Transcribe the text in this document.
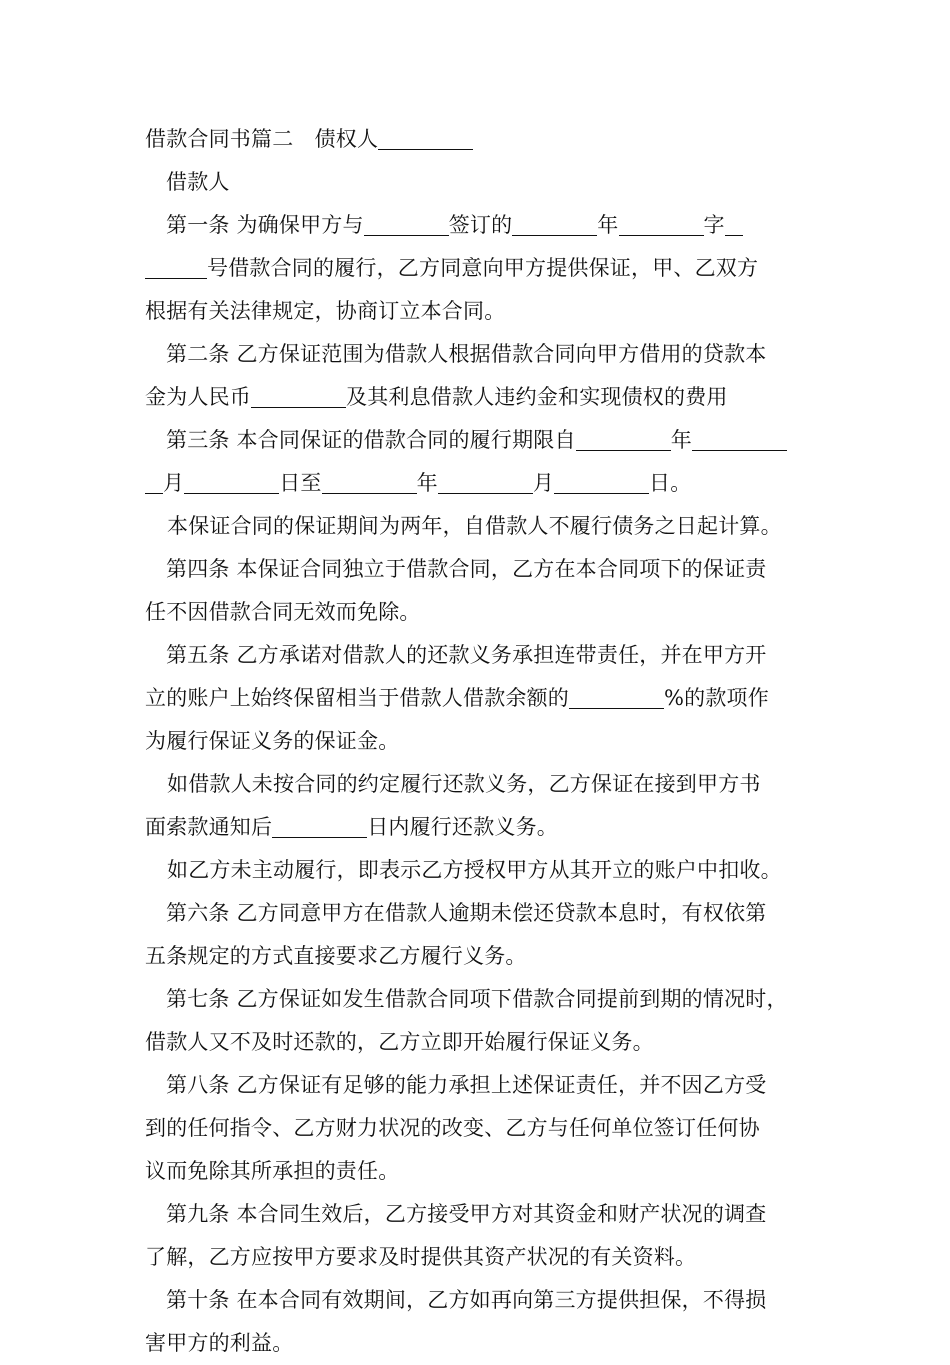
借款合同书篇二　债权人
借款人
第一条 为确保甲方与	签订的	年	字
号借款合同的履行，乙方同意向甲方提供保证，甲、乙双方
根据有关法律规定，协商订立本合同。
第二条 乙方保证范围为借款人根据借款合同向甲方借用的贷款本
金为人民币	及其利息借款人违约金和实现债权的费用
第三条 本合同保证的借款合同的履行期限自	年
月	日至	年	月	日。
本保证合同的保证期间为两年，自借款人不履行债务之日起计算。
第四条 本保证合同独立于借款合同，乙方在本合同项下的保证责
任不因借款合同无效而免除。
第五条 乙方承诺对借款人的还款义务承担连带责任，并在甲方开
立的账户上始终保留相当于借款人借款余额的	%的款项作
为履行保证义务的保证金。
如借款人未按合同的约定履行还款义务，乙方保证在接到甲方书
面索款通知后	日内履行还款义务。
如乙方未主动履行，即表示乙方授权甲方从其开立的账户中扣收。
第六条 乙方同意甲方在借款人逾期未偿还贷款本息时，有权依第
五条规定的方式直接要求乙方履行义务。
第七条 乙方保证如发生借款合同项下借款合同提前到期的情况时，
借款人又不及时还款的，乙方立即开始履行保证义务。
第八条 乙方保证有足够的能力承担上述保证责任，并不因乙方受
到的任何指令、乙方财力状况的改变、乙方与任何单位签订任何协
议而免除其所承担的责任。
第九条 本合同生效后，乙方接受甲方对其资金和财产状况的调查
了解，乙方应按甲方要求及时提供其资产状况的有关资料。
第十条 在本合同有效期间，乙方如再向第三方提供担保，不得损
害甲方的利益。
